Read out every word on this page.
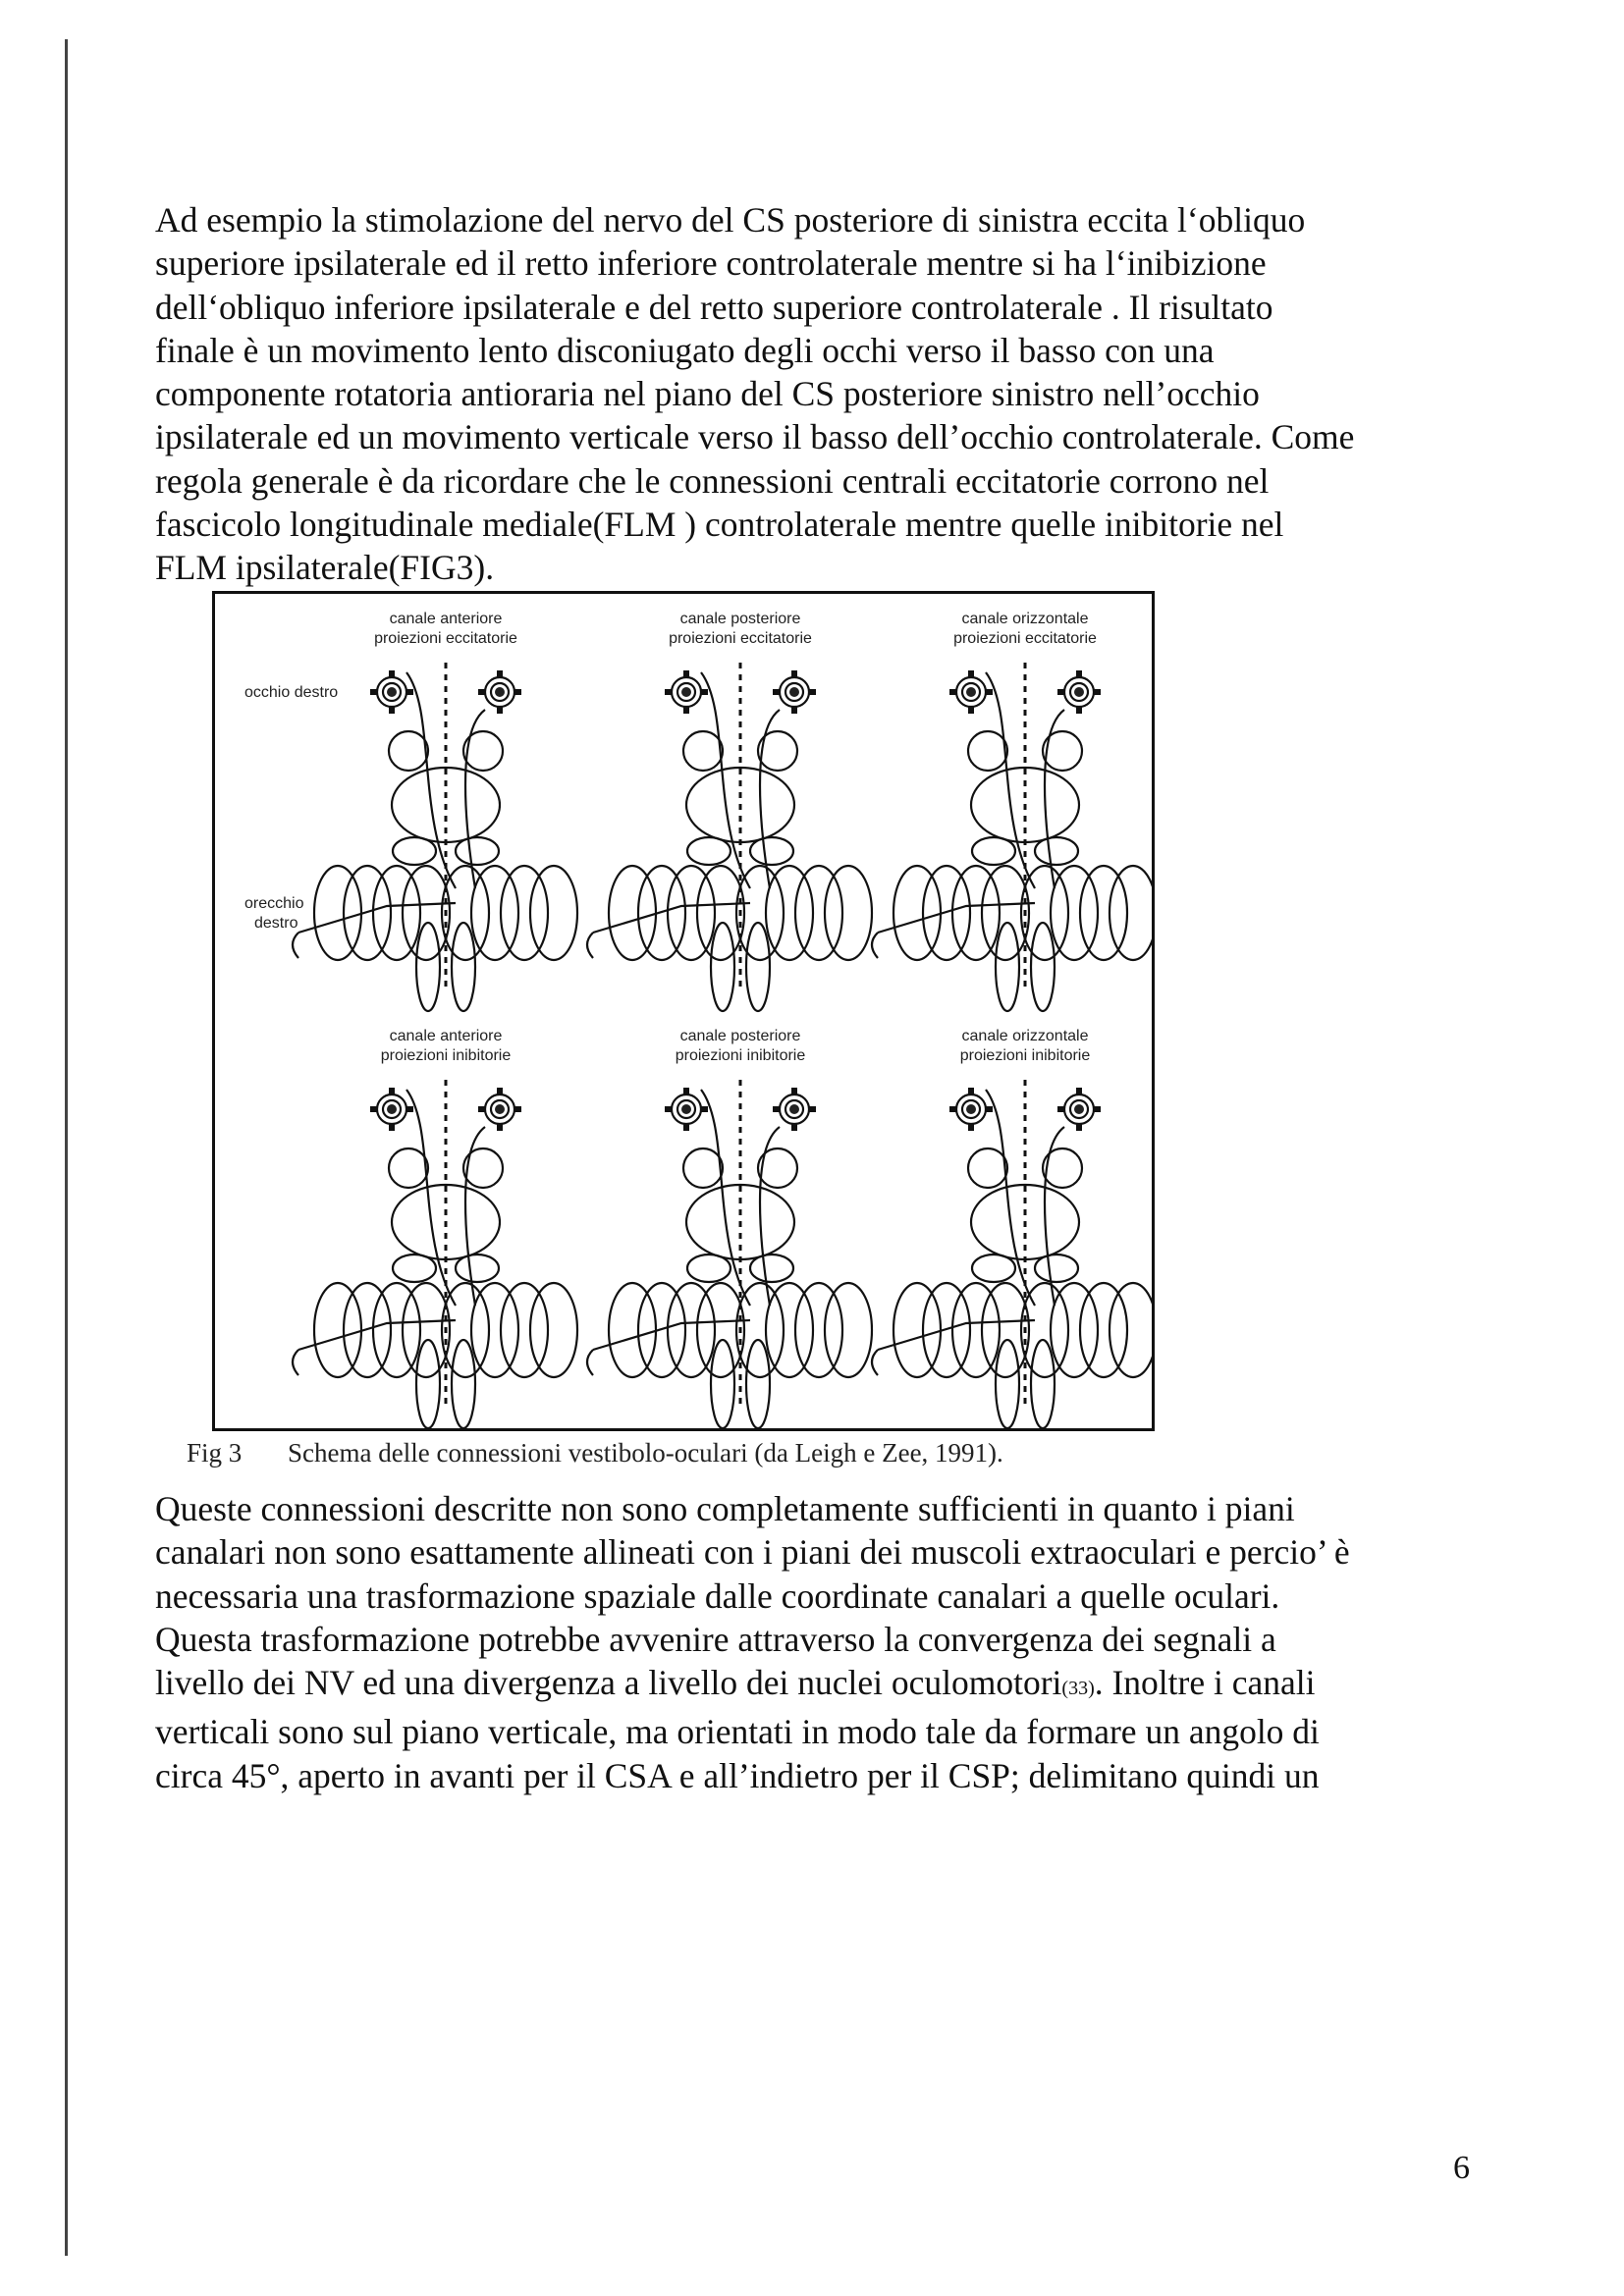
Ad esempio la stimolazione del nervo del CS posteriore di sinistra eccita l‘obliquo
superiore ipsilaterale ed il retto inferiore controlaterale mentre si ha l‘inibizione
dell‘obliquo inferiore ipsilaterale e del retto superiore controlaterale . Il risultato
finale è un movimento lento disconiugato degli occhi verso il basso con una
componente rotatoria antioraria nel piano del CS posteriore sinistro nell’occhio
ipsilaterale ed un movimento verticale verso il basso dell’occhio controlaterale. Come
regola generale è da ricordare che le connessioni centrali eccitatorie corrono nel
fascicolo longitudinale mediale(FLM ) controlaterale mentre quelle inibitorie nel
FLM ipsilaterale(FIG3).
canale anteriore
proiezioni eccitatorie
canale posteriore
proiezioni eccitatorie
canale orizzontale
proiezioni eccitatorie
canale anteriore
proiezioni inibitorie
canale posteriore
proiezioni inibitorie
canale orizzontale
proiezioni inibitorie
occhio destro
orecchio
destro
Fig 3 Schema delle connessioni vestibolo-oculari (da Leigh e Zee, 1991).
Queste connessioni descritte non sono completamente sufficienti in quanto i piani
canalari non sono esattamente allineati con i piani dei muscoli extraoculari e percio’ è
necessaria una trasformazione spaziale dalle coordinate canalari a quelle oculari.
Questa trasformazione potrebbe avvenire attraverso la convergenza dei segnali a
livello dei NV ed una divergenza a livello dei nuclei oculomotori(33). Inoltre i canali
verticali sono sul piano verticale, ma orientati in modo tale da formare un angolo di
circa 45°, aperto in avanti per il CSA e all’indietro per il CSP; delimitano quindi un
6
